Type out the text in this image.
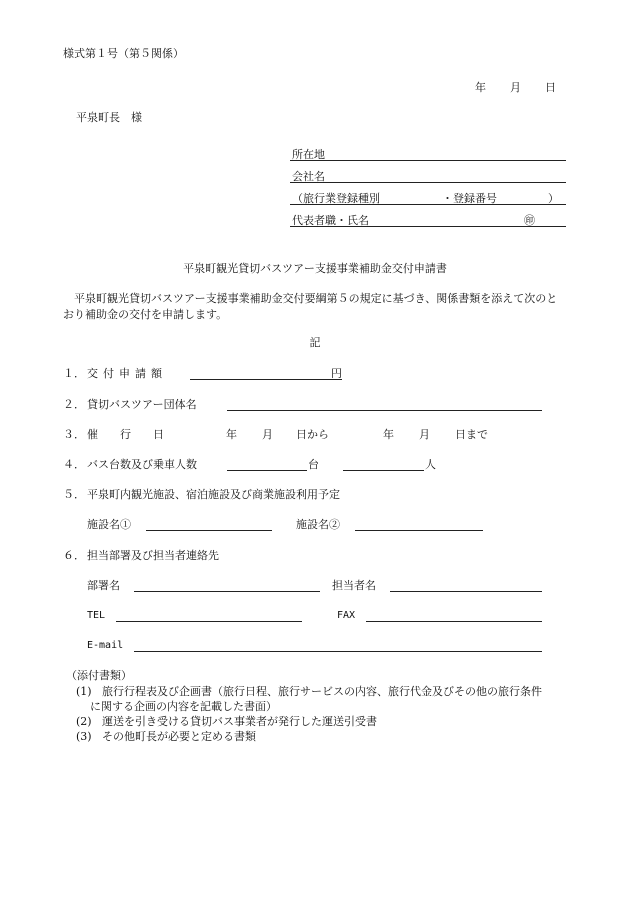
様式第１号（第５関係）
年 月 日
平泉町長　様
所在地
会社名
（旅行業登録種別	・登録番号	）
代表者職・氏名	㊞
平泉町観光貸切バスツアー支援事業補助金交付申請書
平泉町観光貸切バスツアー支援事業補助金交付要綱第５の規定に基づき、関係書類を添えて次のとおり補助金の交付を申請します。
記
１． 交付申請額	円
２． 貸切バスツアー団体名
３． 催　　行　　日	年 月 日から	年 月 日まで
４． バス台数及び乗車人数	台	人
５． 平泉町内観光施設、宿泊施設及び商業施設利用予定
施設名①	施設名②
６． 担当部署及び担当者連絡先
部署名	担当者名
TEL	FAX
E-mail
（添付書類）
(1) 旅行行程表及び企画書（旅行日程、旅行サービスの内容、旅行代金及びその他の旅行条件
に関する企画の内容を記載した書面）
(2) 運送を引き受ける貸切バス事業者が発行した運送引受書
(3) その他町長が必要と定める書類
